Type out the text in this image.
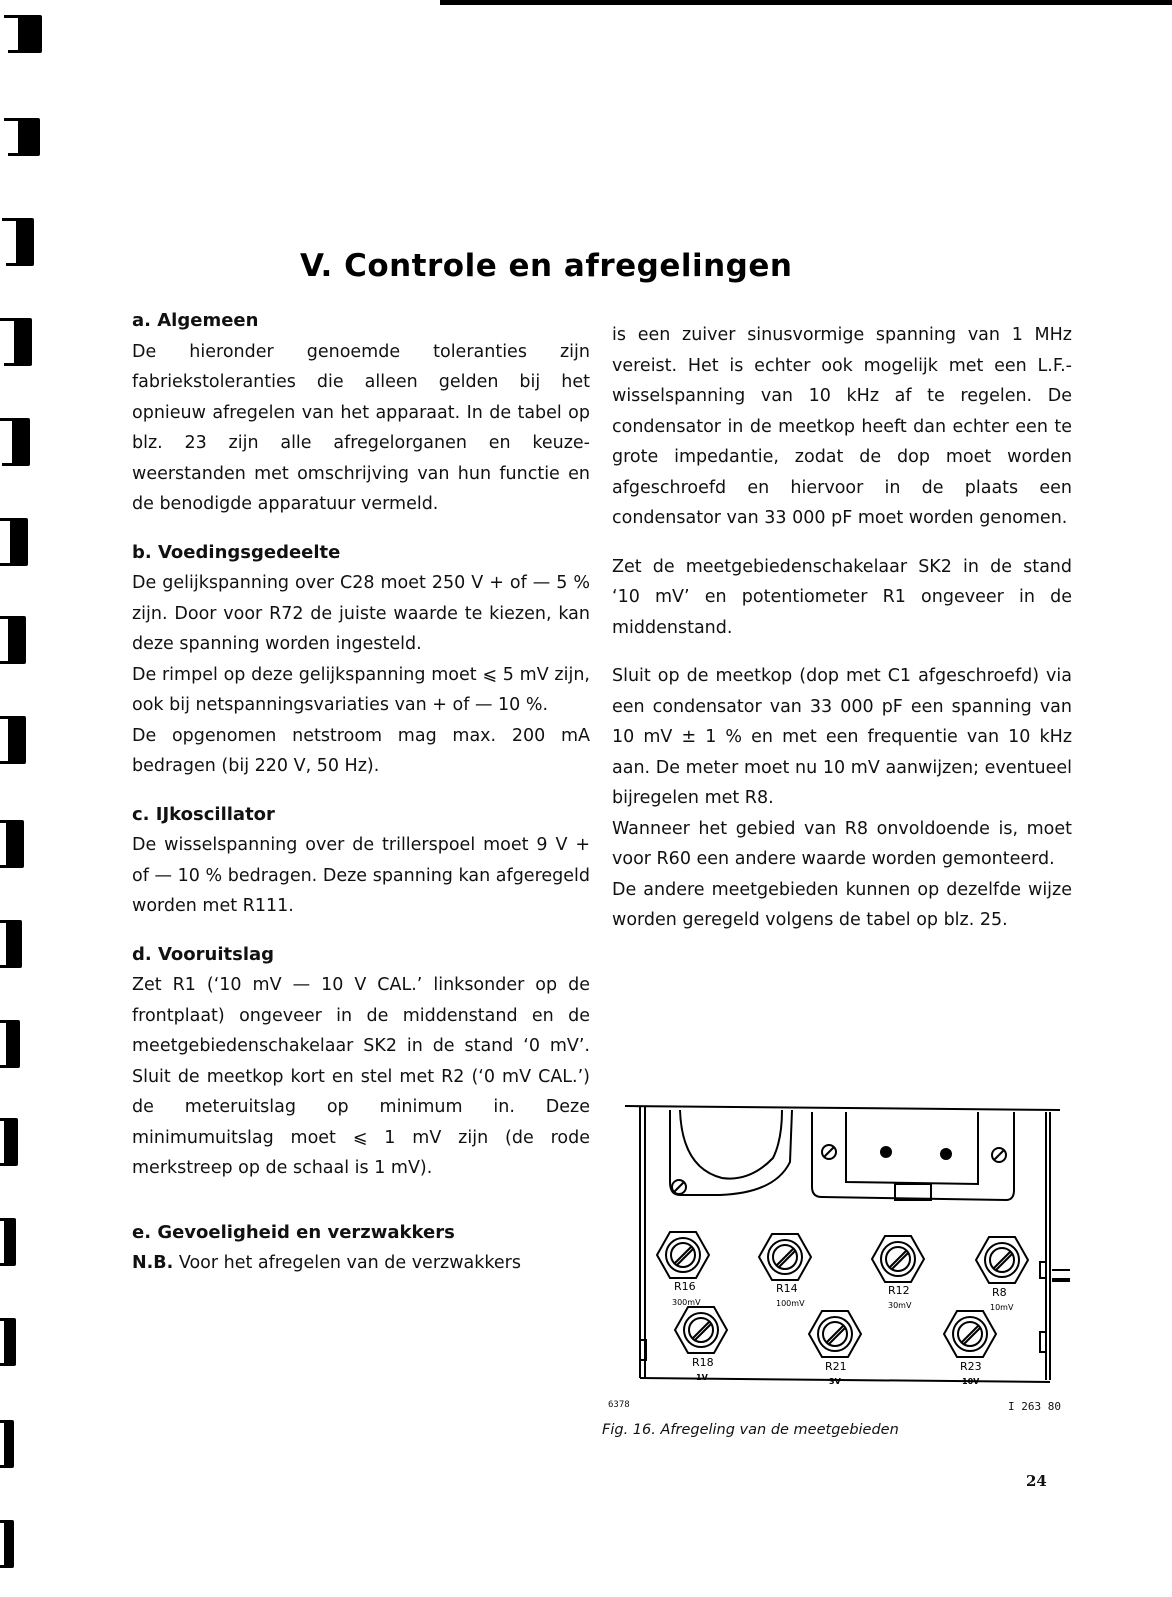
V. Controle en afregelingen
a. Algemeen

De hieronder genoemde toleranties zijn fabriekstoleranties die alleen gelden bij het opnieuw afregelen van het apparaat. In de tabel op blz. 23 zijn alle afregelorganen en keuze-weerstanden met omschrijving van hun functie en de benodigde apparatuur vermeld.

b. Voedingsgedeelte

De gelijkspanning over C28 moet 250 V + of — 5 % zijn. Door voor R72 de juiste waarde te kiezen, kan deze spanning worden ingesteld.

De rimpel op deze gelijkspanning moet ⩽ 5 mV zijn, ook bij netspanningsvariaties van + of — 10 %.

De opgenomen netstroom mag max. 200 mA bedragen (bij 220 V, 50 Hz).

c. IJkoscillator

De wisselspanning over de trillerspoel moet 9 V + of — 10 % bedragen. Deze spanning kan afgeregeld worden met R111.

d. Vooruitslag

Zet R1 (‘10 mV — 10 V CAL.’ linksonder op de frontplaat) ongeveer in de middenstand en de meetgebiedenschakelaar SK2 in de stand ‘0 mV’. Sluit de meetkop kort en stel met R2 (‘0 mV CAL.’) de meteruitslag op minimum in. Deze minimumuitslag moet ⩽ 1 mV zijn (de rode merkstreep op de schaal is 1 mV).

e. Gevoeligheid en verzwakkers

N.B. Voor het afregelen van de verzwakkers

is een zuiver sinusvormige spanning van 1 MHz vereist. Het is echter ook mogelijk met een L.F.-wisselspanning van 10 kHz af te regelen. De condensator in de meetkop heeft dan echter een te grote impedantie, zodat de dop moet worden afgeschroefd en hiervoor in de plaats een condensator van 33 000 pF moet worden genomen.

Zet de meetgebiedenschakelaar SK2 in de stand ‘10 mV’ en potentiometer R1 ongeveer in de middenstand.

Sluit op de meetkop (dop met C1 afgeschroefd) via een condensator van 33 000 pF een spanning van 10 mV ± 1 % en met een frequentie van 10 kHz aan. De meter moet nu 10 mV aanwijzen; eventueel bijregelen met R8.

Wanneer het gebied van R8 onvoldoende is, moet voor R60 een andere waarde worden gemonteerd.

De andere meetgebieden kunnen op dezelfde wijze worden geregeld volgens de tabel op blz. 25.

R16
300mV
R14
100mV
R12
30mV
R8
10mV
R18
1V
R21
3V
R23
10V
6378	I 263 80
Fig. 16. Afregeling van de meetgebieden
24
